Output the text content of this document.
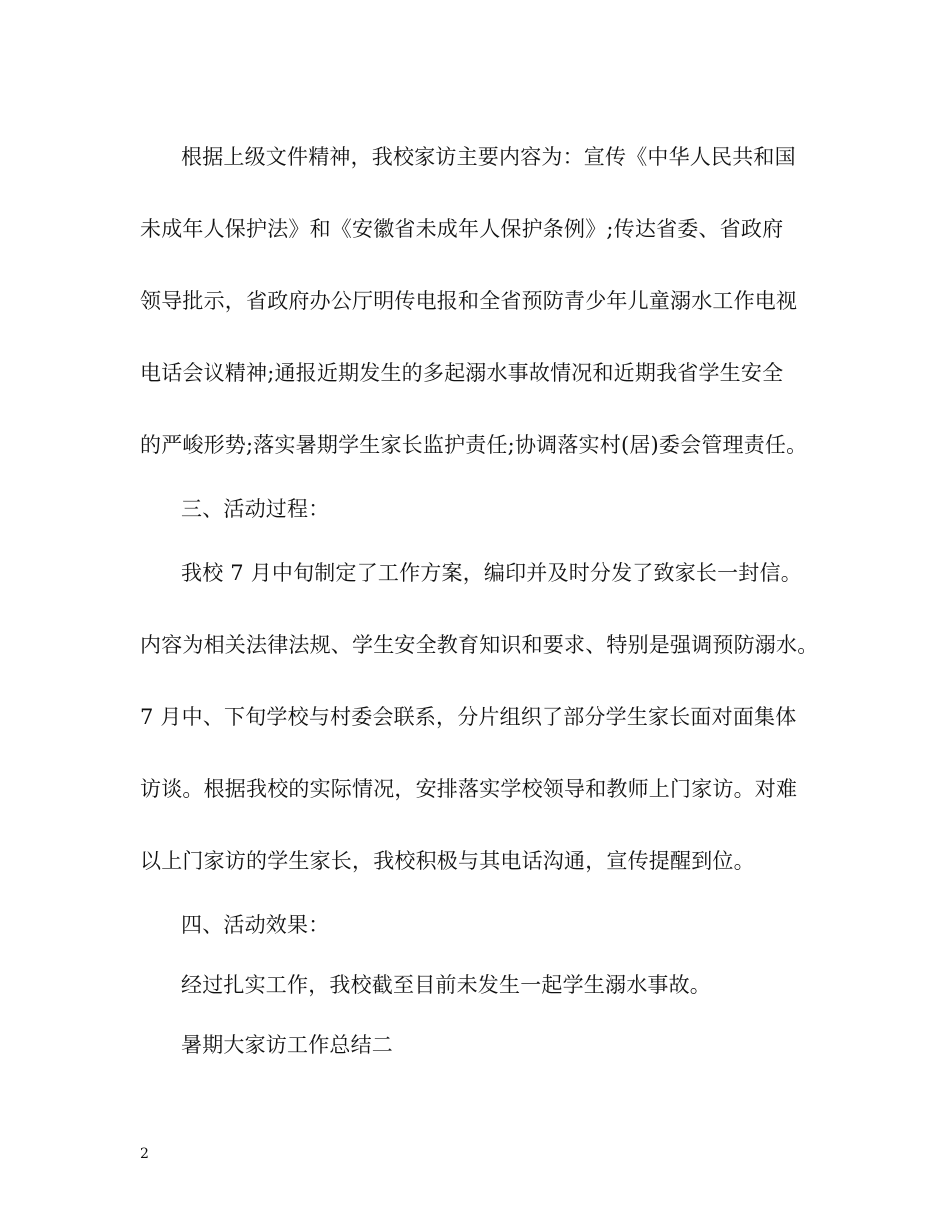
根据上级文件精神，我校家访主要内容为：宣传《中华人民共和国
未成年人保护法》和《安徽省未成年人保护条例》;传达省委、省政府
领导批示，省政府办公厅明传电报和全省预防青少年儿童溺水工作电视
电话会议精神;通报近期发生的多起溺水事故情况和近期我省学生安全
的严峻形势;落实暑期学生家长监护责任;协调落实村(居)委会管理责任。
三、活动过程：
我校 7 月中旬制定了工作方案，编印并及时分发了致家长一封信。
内容为相关法律法规、学生安全教育知识和要求、特别是强调预防溺水。
7 月中、下旬学校与村委会联系，分片组织了部分学生家长面对面集体
访谈。根据我校的实际情况，安排落实学校领导和教师上门家访。对难
以上门家访的学生家长，我校积极与其电话沟通，宣传提醒到位。
四、活动效果：
经过扎实工作，我校截至目前未发生一起学生溺水事故。
暑期大家访工作总结二
2
